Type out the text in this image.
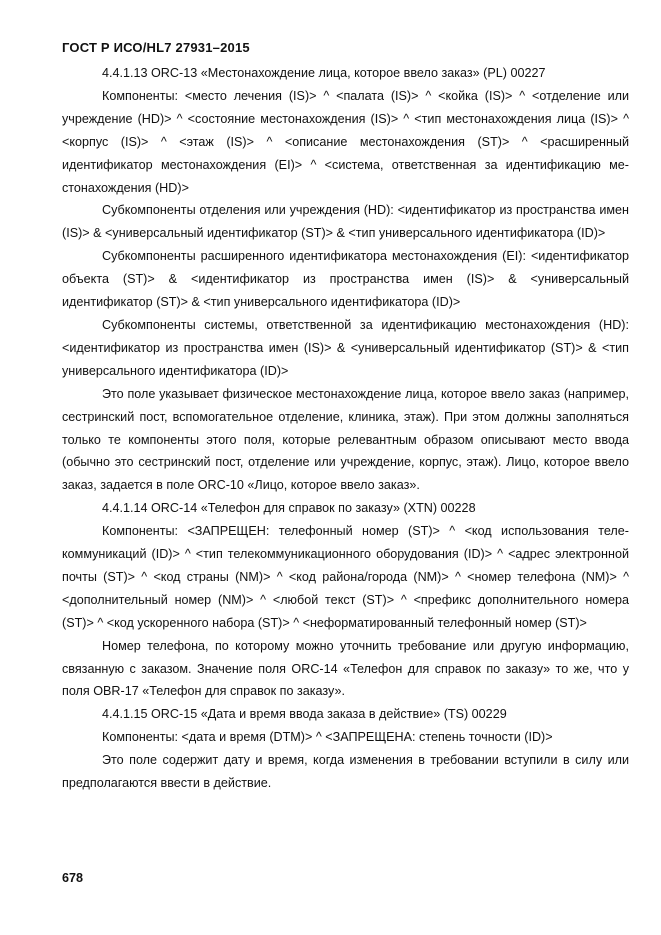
ГОСТ Р ИСО/HL7 27931–2015

4.4.1.13 ORC-13 «Местонахождение лица, которое ввело заказ» (PL) 00227

Компоненты: <место лечения (IS)> ^ <палата (IS)> ^ <койка (IS)> ^ <отделение или учреждение (HD)> ^ <состояние местонахождения (IS)> ^ <тип местонахождения лица (IS)> ^ <корпус (IS)> ^ <этаж (IS)> ^ <описание местонахождения (ST)> ^ <расширенный идентификатор местонахождения (EI)> ^ <система, ответственная за идентификацию местонахождения (HD)>

Субкомпоненты отделения или учреждения (HD): <идентификатор из пространства имен (IS)> & <универсальный идентификатор (ST)> & <тип универсального идентификатора (ID)>

Субкомпоненты расширенного идентификатора местонахождения (EI): <идентификатор объекта (ST)> & <идентификатор из пространства имен (IS)> & <универсальный идентификатор (ST)> & <тип универсального идентификатора (ID)>

Субкомпоненты системы, ответственной за идентификацию местонахождения (HD): <идентификатор из пространства имен (IS)> & <универсальный идентификатор (ST)> & <тип универсального идентификатора (ID)>

Это поле указывает физическое местонахождение лица, которое ввело заказ (например, сестринский пост, вспомогательное отделение, клиника, этаж). При этом должны заполняться только те компоненты этого поля, которые релевантным образом описывают место ввода (обычно это сестринский пост, отделение или учреждение, корпус, этаж). Лицо, которое ввело заказ, задается в поле ORC-10 «Лицо, которое ввело заказ».

4.4.1.14 ORC-14 «Телефон для справок по заказу» (XTN) 00228

Компоненты: <ЗАПРЕЩЕН: телефонный номер (ST)> ^ <код использования телекоммуникаций (ID)> ^ <тип телекоммуникационного оборудования (ID)> ^ <адрес электронной почты (ST)> ^ <код страны (NM)> ^ <код района/города (NM)> ^ <номер телефона (NM)> ^ <дополнительный номер (NM)> ^ <любой текст (ST)> ^ <префикс дополнительного номера (ST)> ^ <код ускоренного набора (ST)> ^ <неформатированный телефонный номер (ST)>

Номер телефона, по которому можно уточнить требование или другую информацию, связанную с заказом. Значение поля ORC-14 «Телефон для справок по заказу» то же, что у поля OBR-17 «Телефон для справок по заказу».

4.4.1.15 ORC-15 «Дата и время ввода заказа в действие» (TS) 00229

Компоненты: <дата и время (DTM)> ^ <ЗАПРЕЩЕНА: степень точности (ID)>

Это поле содержит дату и время, когда изменения в требовании вступили в силу или предполагаются ввести в действие.

678
